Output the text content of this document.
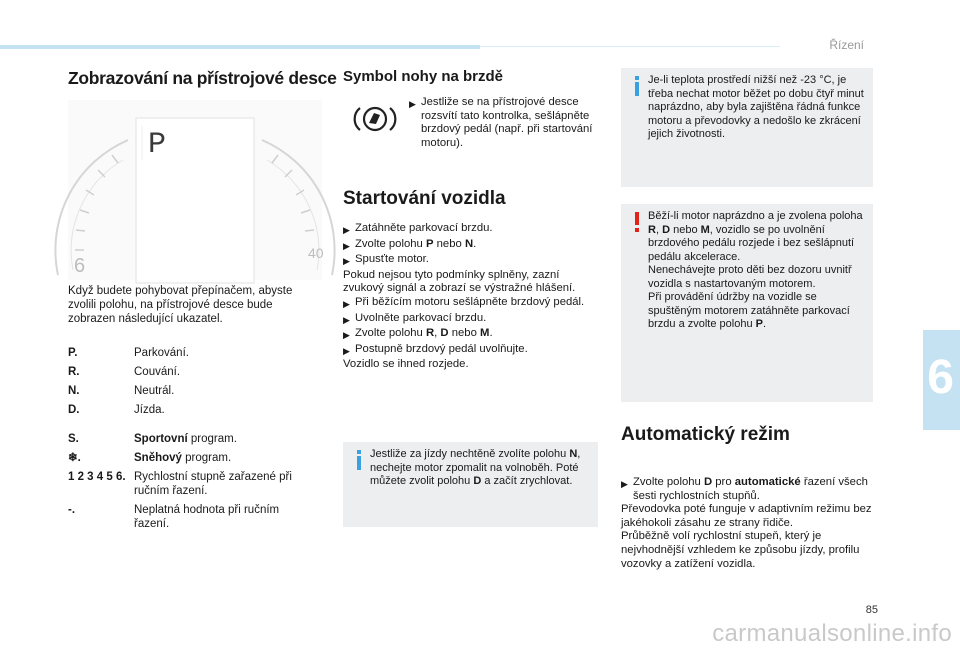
Řízení
6
Zobrazování na přístrojové desce
P
6
40

Když budete pohybovat přepínačem, abyste zvolili polohu, na přístrojové desce bude zobrazen následující ukazatel.

P.	Parkování.
R.	Couvání.
N.	Neutrál.
D.	Jízda.
S.	Sportovní program.
❄.	Sněhový program.
1 2 3 4 5 6. Rychlostní stupně zařazené při ručním řazení.
-.	Neplatná hodnota při ručním řazení.
Symbol nohy na brzdě
▶ Jestliže se na přístrojové desce rozsvítí tato kontrolka, sešlápněte brzdový pedál (např. při startování motoru).
Startování vozidla
▶ Zatáhněte parkovací brzdu.
▶ Zvolte polohu P nebo N.
▶ Spusťte motor.
Pokud nejsou tyto podmínky splněny, zazní zvukový signál a zobrazí se výstražné hlášení.
▶ Při běžícím motoru sešlápněte brzdový pedál.
▶ Uvolněte parkovací brzdu.
▶ Zvolte polohu R, D nebo M.
▶ Postupně brzdový pedál uvolňujte.
Vozidlo se ihned rozjede.
Jestliže za jízdy nechtěně zvolíte polohu N, nechejte motor zpomalit na volnoběh. Poté můžete zvolit polohu D a začít zrychlovat.
Je-li teplota prostředí nižší než -23 °C, je třeba nechat motor běžet po dobu čtyř minut naprázdno, aby byla zajištěna řádná funkce motoru a převodovky a nedošlo ke zkrácení jejich životnosti.
Běží-li motor naprázdno a je zvolena poloha R, D nebo M, vozidlo se po uvolnění brzdového pedálu rozjede i bez sešlápnutí pedálu akcelerace.
Nenechávejte proto děti bez dozoru uvnitř vozidla s nastartovaným motorem.
Při provádění údržby na vozidle se spuštěným motorem zatáhněte parkovací brzdu a zvolte polohu P.
Automatický režim
▶ Zvolte polohu D pro automatické řazení všech šesti rychlostních stupňů.
Převodovka poté funguje v adaptivním režimu bez jakéhokoli zásahu ze strany řidiče.
Průběžně volí rychlostní stupeň, který je nejvhodnější vzhledem ke způsobu jízdy, profilu vozovky a zatížení vozidla.
85
carmanualsonline.info
